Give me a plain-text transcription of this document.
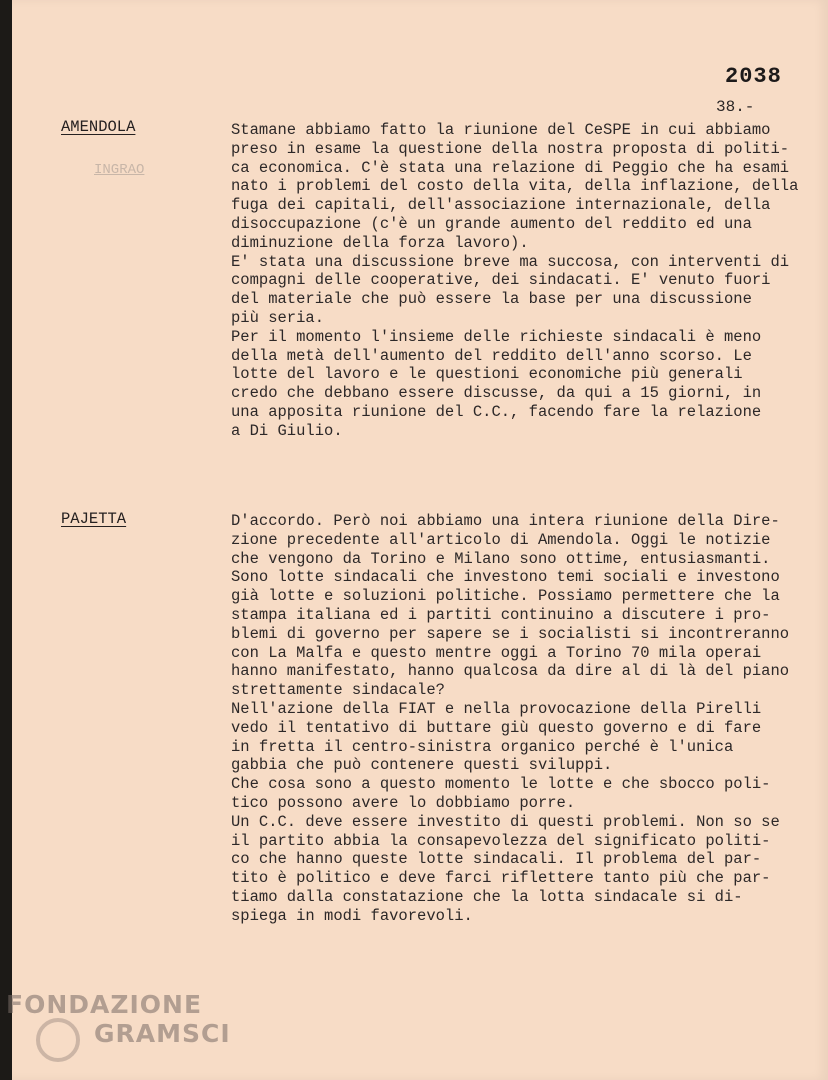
2038
38.-
INGRAO
AMENDOLA	Stamane abbiamo fatto la riunione del CeSPE in cui abbiamo
preso in esame la questione della nostra proposta di politi-
ca economica. C'è stata una relazione di Peggio che ha esami
nato i problemi del costo della vita, della inflazione, della
fuga dei capitali, dell'associazione internazionale, della
disoccupazione (c'è un grande aumento del reddito ed una
diminuzione della forza lavoro).
E' stata una discussione breve ma succosa, con interventi di
compagni delle cooperative, dei sindacati. E' venuto fuori
del materiale che può essere la base per una discussione
più seria.
Per il momento l'insieme delle richieste sindacali è meno
della metà dell'aumento del reddito dell'anno scorso. Le
lotte del lavoro e le questioni economiche più generali
credo che debbano essere discusse, da qui a 15 giorni, in
una apposita riunione del C.C., facendo fare la relazione
a Di Giulio.
PAJETTA	D'accordo. Però noi abbiamo una intera riunione della Dire-
zione precedente all'articolo di Amendola. Oggi le notizie
che vengono da Torino e Milano sono ottime, entusiasmanti.
Sono lotte sindacali che investono temi sociali e investono
già lotte e soluzioni politiche. Possiamo permettere che la
stampa italiana ed i partiti continuino a discutere i pro-
blemi di governo per sapere se i socialisti si incontreranno
con La Malfa e questo mentre oggi a Torino 70 mila operai
hanno manifestato, hanno qualcosa da dire al di là del piano
strettamente sindacale?
Nell'azione della FIAT e nella provocazione della Pirelli
vedo il tentativo di buttare giù questo governo e di fare
in fretta il centro-sinistra organico perché è l'unica
gabbia che può contenere questi sviluppi.
Che cosa sono a questo momento le lotte e che sbocco poli-
tico possono avere lo dobbiamo porre.
Un C.C. deve essere investito di questi problemi. Non so se
il partito abbia la consapevolezza del significato politi-
co che hanno queste lotte sindacali. Il problema del par-
tito è politico e deve farci riflettere tanto più che par-
tiamo dalla constatazione che la lotta sindacale si di-
spiega in modi favorevoli.
FONDAZIONE
GRAMSCI
